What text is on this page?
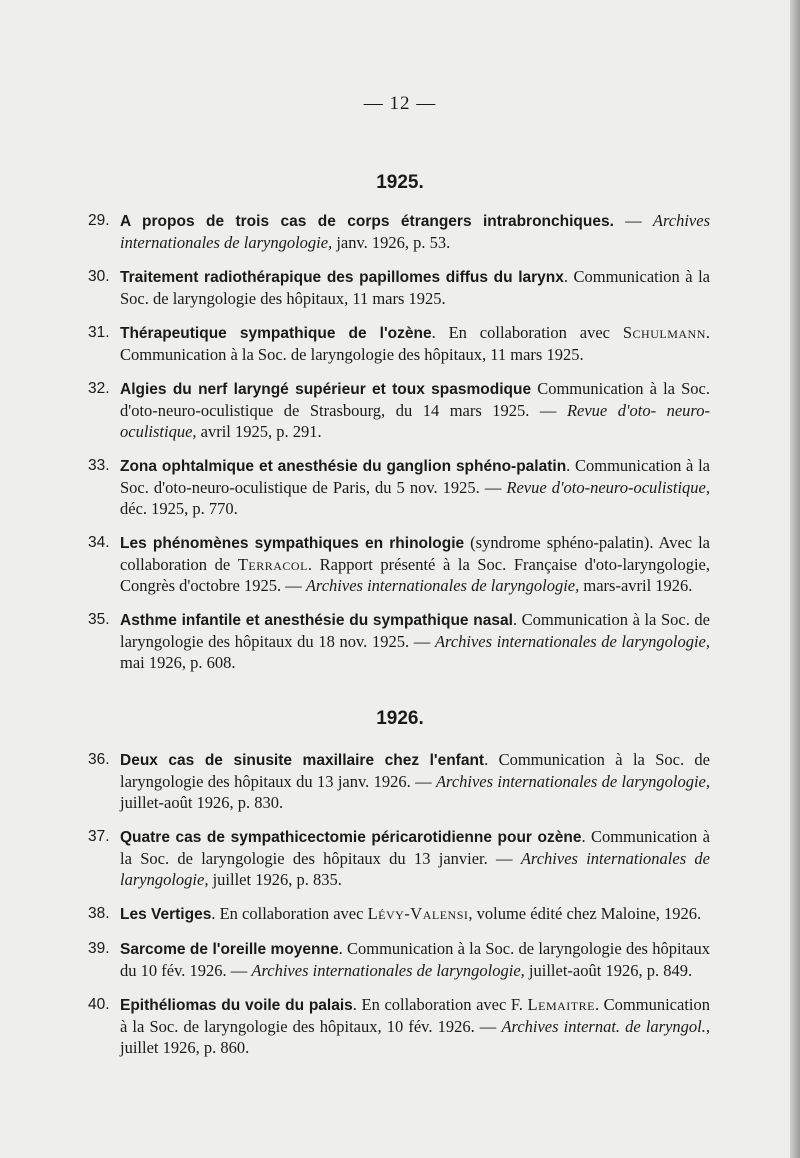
— 12 —
1925.
29. A propos de trois cas de corps étrangers intrabronchiques. — Archives internationales de laryngologie, janv. 1926, p. 53.
30. Traitement radiothérapique des papillomes diffus du larynx. Communication à la Soc. de laryngologie des hôpitaux, 11 mars 1925.
31. Thérapeutique sympathique de l'ozène. En collaboration avec Schulmann. Communication à la Soc. de laryngologie des hôpitaux, 11 mars 1925.
32. Algies du nerf laryngé supérieur et toux spasmodique Communication à la Soc. d'oto-neuro-oculistique de Strasbourg, du 14 mars 1925. — Revue d'oto- neuro-oculistique, avril 1925, p. 291.
33. Zona ophtalmique et anesthésie du ganglion sphéno-palatin. Communication à la Soc. d'oto-neuro-oculistique de Paris, du 5 nov. 1925. — Revue d'oto-neuro-oculistique, déc. 1925, p. 770.
34. Les phénomènes sympathiques en rhinologie (syndrome sphéno-palatin). Avec la collaboration de Terracol. Rapport présenté à la Soc. Française d'oto-laryngologie, Congrès d'octobre 1925. — Archives internationales de laryngologie, mars-avril 1926.
35. Asthme infantile et anesthésie du sympathique nasal. Communication à la Soc. de laryngologie des hôpitaux du 18 nov. 1925. — Archives internationales de laryngologie, mai 1926, p. 608.
1926.
36. Deux cas de sinusite maxillaire chez l'enfant. Communication à la Soc. de laryngologie des hôpitaux du 13 janv. 1926. — Archives internationales de laryngologie, juillet-août 1926, p. 830.
37. Quatre cas de sympathicectomie péricarotidienne pour ozène. Communication à la Soc. de laryngologie des hôpitaux du 13 janvier. — Archives internationales de laryngologie, juillet 1926, p. 835.
38. Les Vertiges. En collaboration avec Lévy-Valensi, volume édité chez Maloine, 1926.
39. Sarcome de l'oreille moyenne. Communication à la Soc. de laryngologie des hôpitaux du 10 fév. 1926. — Archives internationales de laryngologie, juillet-août 1926, p. 849.
40. Epithéliomas du voile du palais. En collaboration avec F. Lemaitre. Communication à la Soc. de laryngologie des hôpitaux, 10 fév. 1926. — Archives internat. de laryngol., juillet 1926, p. 860.
